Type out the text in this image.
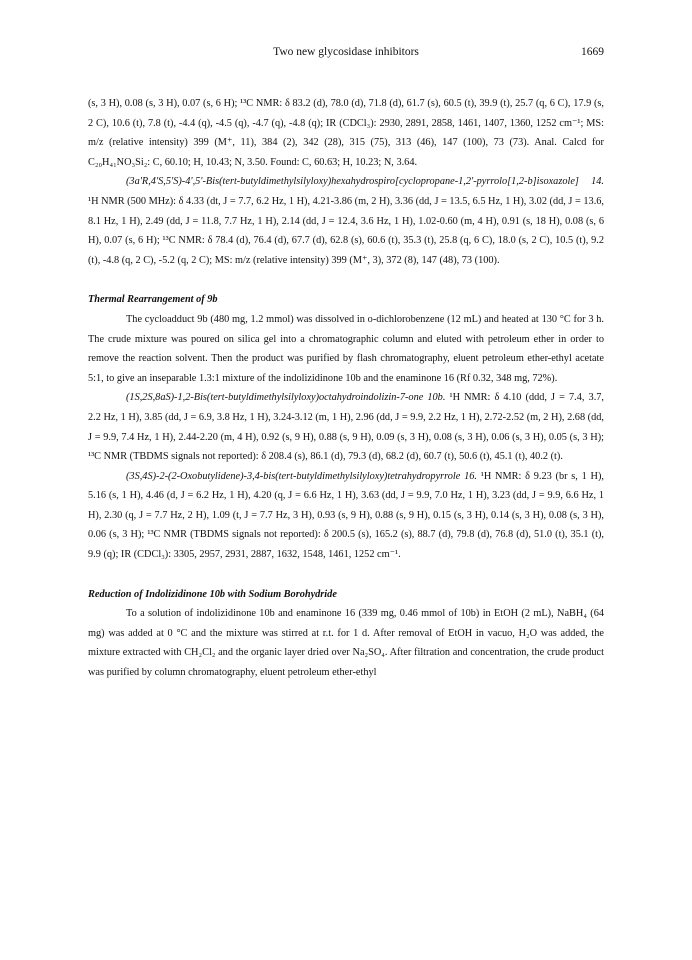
Two new glycosidase inhibitors	1669

(s, 3 H), 0.08 (s, 3 H), 0.07 (s, 6 H); ¹³C NMR: δ 83.2 (d), 78.0 (d), 71.8 (d), 61.7 (s), 60.5 (t), 39.9 (t), 25.7 (q, 6 C), 17.9 (s, 2 C), 10.6 (t), 7.8 (t), -4.4 (q), -4.5 (q), -4.7 (q), -4.8 (q); IR (CDCl₃): 2930, 2891, 2858, 1461, 1407, 1360, 1252 cm⁻¹; MS: m/z (relative intensity) 399 (M⁺, 11), 384 (2), 342 (28), 315 (75), 313 (46), 147 (100), 73 (73). Anal. Calcd for C₂₀H₄₁NO₃Si₂: C, 60.10; H, 10.43; N, 3.50. Found: C, 60.63; H, 10.23; N, 3.64.

(3a'R,4'S,5'S)-4',5'-Bis(tert-butyldimethylsilyloxy)hexahydrospiro[cyclopropane-1,2'-pyrrolo[1,2-b]isoxazole] 14. ¹H NMR (500 MHz): δ 4.33 (dt, J = 7.7, 6.2 Hz, 1 H), 4.21-3.86 (m, 2 H), 3.36 (dd, J = 13.5, 6.5 Hz, 1 H), 3.02 (dd, J = 13.6, 8.1 Hz, 1 H), 2.49 (dd, J = 11.8, 7.7 Hz, 1 H), 2.14 (dd, J = 12.4, 3.6 Hz, 1 H), 1.02-0.60 (m, 4 H), 0.91 (s, 18 H), 0.08 (s, 6 H), 0.07 (s, 6 H); ¹³C NMR: δ 78.4 (d), 76.4 (d), 67.7 (d), 62.8 (s), 60.6 (t), 35.3 (t), 25.8 (q, 6 C), 18.0 (s, 2 C), 10.5 (t), 9.2 (t), -4.8 (q, 2 C), -5.2 (q, 2 C); MS: m/z (relative intensity) 399 (M⁺, 3), 372 (8), 147 (48), 73 (100).

Thermal Rearrangement of 9b

The cycloadduct 9b (480 mg, 1.2 mmol) was dissolved in o-dichlorobenzene (12 mL) and heated at 130 °C for 3 h. The crude mixture was poured on silica gel into a chromatographic column and eluted with petroleum ether in order to remove the reaction solvent. Then the product was purified by flash chromatography, eluent petroleum ether-ethyl acetate 5:1, to give an inseparable 1.3:1 mixture of the indolizidinone 10b and the enaminone 16 (Rf 0.32, 348 mg, 72%).

(1S,2S,8aS)-1,2-Bis(tert-butyldimethylsilyloxy)octahydroindolizin-7-one 10b. ¹H NMR: δ 4.10 (ddd, J = 7.4, 3.7, 2.2 Hz, 1 H), 3.85 (dd, J = 6.9, 3.8 Hz, 1 H), 3.24-3.12 (m, 1 H), 2.96 (dd, J = 9.9, 2.2 Hz, 1 H), 2.72-2.52 (m, 2 H), 2.68 (dd, J = 9.9, 7.4 Hz, 1 H), 2.44-2.20 (m, 4 H), 0.92 (s, 9 H), 0.88 (s, 9 H), 0.09 (s, 3 H), 0.08 (s, 3 H), 0.06 (s, 3 H), 0.05 (s, 3 H); ¹³C NMR (TBDMS signals not reported): δ 208.4 (s), 86.1 (d), 79.3 (d), 68.2 (d), 60.7 (t), 50.6 (t), 45.1 (t), 40.2 (t).

(3S,4S)-2-(2-Oxobutylidene)-3,4-bis(tert-butyldimethylsilyloxy)tetrahydropyrrole 16. ¹H NMR: δ 9.23 (br s, 1 H), 5.16 (s, 1 H), 4.46 (d, J = 6.2 Hz, 1 H), 4.20 (q, J = 6.6 Hz, 1 H), 3.63 (dd, J = 9.9, 7.0 Hz, 1 H), 3.23 (dd, J = 9.9, 6.6 Hz, 1 H), 2.30 (q, J = 7.7 Hz, 2 H), 1.09 (t, J = 7.7 Hz, 3 H), 0.93 (s, 9 H), 0.88 (s, 9 H), 0.15 (s, 3 H), 0.14 (s, 3 H), 0.08 (s, 3 H), 0.06 (s, 3 H); ¹³C NMR (TBDMS signals not reported): δ 200.5 (s), 165.2 (s), 88.7 (d), 79.8 (d), 76.8 (d), 51.0 (t), 35.1 (t), 9.9 (q); IR (CDCl₃): 3305, 2957, 2931, 2887, 1632, 1548, 1461, 1252 cm⁻¹.

Reduction of Indolizidinone 10b with Sodium Borohydride

To a solution of indolizidinone 10b and enaminone 16 (339 mg, 0.46 mmol of 10b) in EtOH (2 mL), NaBH₄ (64 mg) was added at 0 °C and the mixture was stirred at r.t. for 1 d. After removal of EtOH in vacuo, H₂O was added, the mixture extracted with CH₂Cl₂ and the organic layer dried over Na₂SO₄. After filtration and concentration, the crude product was purified by column chromatography, eluent petroleum ether-ethyl
